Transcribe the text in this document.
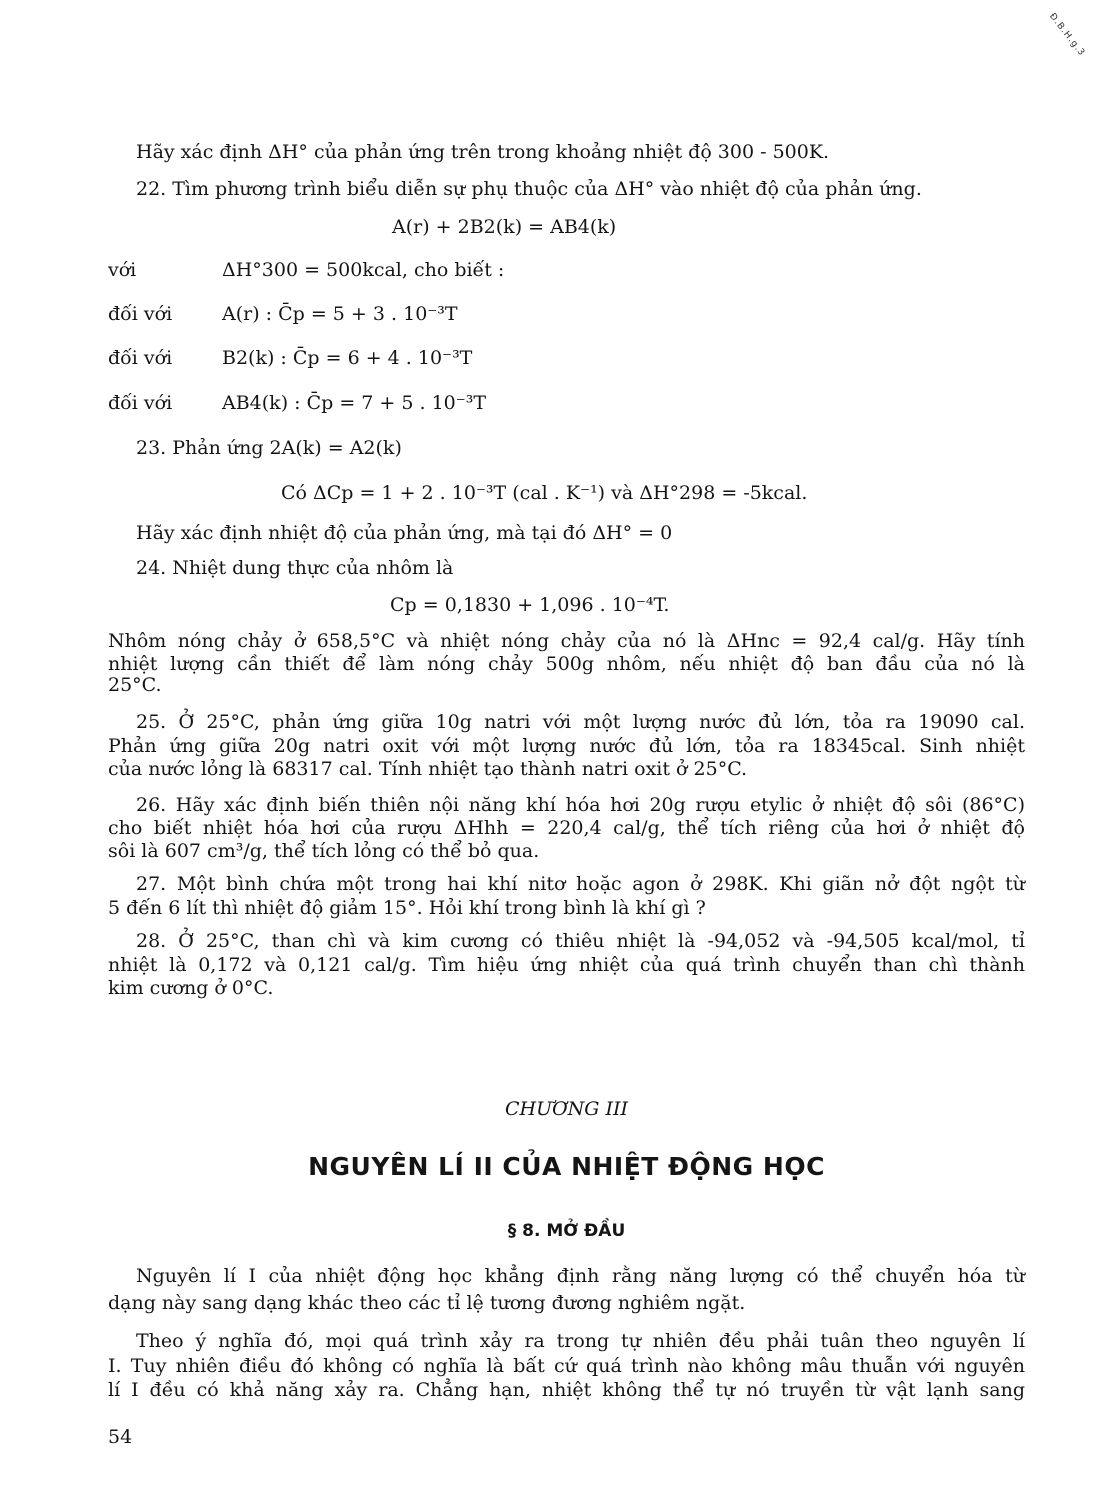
Đ.B.H.g.3
Hãy xác định ΔH° của phản ứng trên trong khoảng nhiệt độ 300 - 500K.
22. Tìm phương trình biểu diễn sự phụ thuộc của ΔH° vào nhiệt độ của phản ứng.
A(r) + 2B2(k) = AB4(k)
với	ΔH°300 = 500kcal, cho biết :
đối với	A(r) : C̄p = 5 + 3 . 10⁻³T
đối với	B2(k) : C̄p = 6 + 4 . 10⁻³T
đối với	AB4(k) : C̄p = 7 + 5 . 10⁻³T
23. Phản ứng 2A(k) = A2(k)
Có ΔCp = 1 + 2 . 10⁻³T (cal . K⁻¹) và ΔH°298 = -5kcal.
Hãy xác định nhiệt độ của phản ứng, mà tại đó ΔH° = 0
24. Nhiệt dung thực của nhôm là
Cp = 0,1830 + 1,096 . 10⁻⁴T.
Nhôm nóng chảy ở 658,5°C và nhiệt nóng chảy của nó là ΔHnc = 92,4 cal/g. Hãy tính
nhiệt lượng cần thiết để làm nóng chảy 500g nhôm, nếu nhiệt độ ban đầu của nó là
25°C.
25. Ở 25°C, phản ứng giữa 10g natri với một lượng nước đủ lớn, tỏa ra 19090 cal.
Phản ứng giữa 20g natri oxit với một lượng nước đủ lớn, tỏa ra 18345cal. Sinh nhiệt
của nước lỏng là 68317 cal. Tính nhiệt tạo thành natri oxit ở 25°C.
26. Hãy xác định biến thiên nội năng khí hóa hơi 20g rượu etylic ở nhiệt độ sôi (86°C)
cho biết nhiệt hóa hơi của rượu ΔHhh = 220,4 cal/g, thể tích riêng của hơi ở nhiệt độ
sôi là 607 cm³/g, thể tích lỏng có thể bỏ qua.
27. Một bình chứa một trong hai khí nitơ hoặc agon ở 298K. Khi giãn nở đột ngột từ
5 đến 6 lít thì nhiệt độ giảm 15°. Hỏi khí trong bình là khí gì ?
28. Ở 25°C, than chì và kim cương có thiêu nhiệt là -94,052 và -94,505 kcal/mol, tỉ
nhiệt là 0,172 và 0,121 cal/g. Tìm hiệu ứng nhiệt của quá trình chuyển than chì thành
kim cương ở 0°C.
CHƯƠNG III
NGUYÊN LÍ II CỦA NHIỆT ĐỘNG HỌC
§ 8. MỞ ĐẦU
Nguyên lí I của nhiệt động học khẳng định rằng năng lượng có thể chuyển hóa từ
dạng này sang dạng khác theo các tỉ lệ tương đương nghiêm ngặt.
Theo ý nghĩa đó, mọi quá trình xảy ra trong tự nhiên đều phải tuân theo nguyên lí
I. Tuy nhiên điều đó không có nghĩa là bất cứ quá trình nào không mâu thuẫn với nguyên
lí I đều có khả năng xảy ra. Chẳng hạn, nhiệt không thể tự nó truyền từ vật lạnh sang
54
